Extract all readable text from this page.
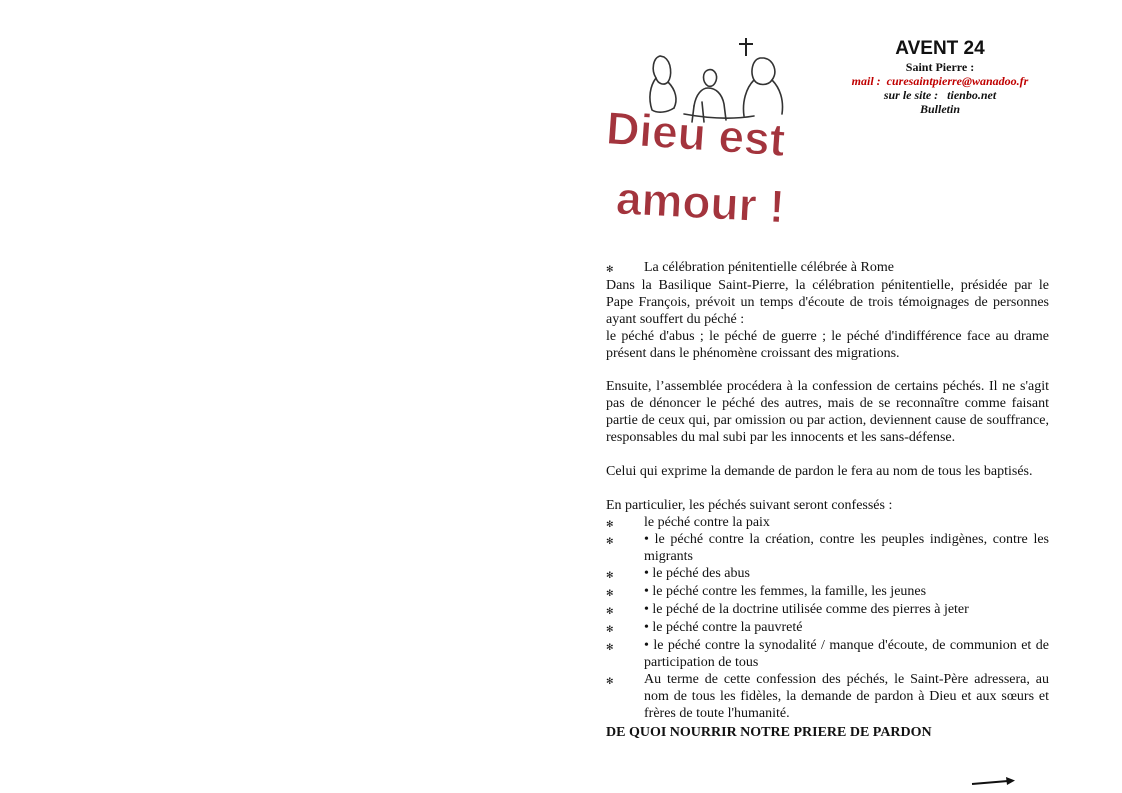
Dieu est
amour !
AVENT 24
Saint Pierre :
mail : curesaintpierre@wanadoo.fr
sur le site : tienbo.net
Bulletin
✻	La célébration pénitentielle célébrée à Rome
Dans la Basilique Saint-Pierre, la célébration pénitentielle, présidée par le Pape François, prévoit un temps d'écoute de trois témoignages de personnes ayant souffert du péché :
le péché d'abus ; le péché de guerre ; le péché d'indifférence face au drame présent dans le phénomène croissant des migrations.
Ensuite, l’assemblée procédera à la confession de certains péchés. Il ne s'agit pas de dénoncer le péché des autres, mais de se reconnaître comme faisant partie de ceux qui, par omission ou par action, deviennent cause de souffrance, responsables du mal subi par les innocents et les sans-défense.
Celui qui exprime la demande de pardon le fera au nom de tous les baptisés.
En particulier, les péchés suivant seront confessés :
✻	le péché contre la paix
✻	• le péché contre la création, contre les peuples indigènes, contre les migrants
✻	• le péché des abus
✻	• le péché contre les femmes, la famille, les jeunes
✻	• le péché de la doctrine utilisée comme des pierres à jeter
✻	• le péché contre la pauvreté
✻	• le péché contre la synodalité / manque d'écoute, de communion et de participation de tous
✻	Au terme de cette confession des péchés, le Saint-Père adressera, au nom de tous les fidèles, la demande de pardon à Dieu et aux sœurs et frères de toute l'humanité.
DE QUOI NOURRIR NOTRE PRIERE DE PARDON
